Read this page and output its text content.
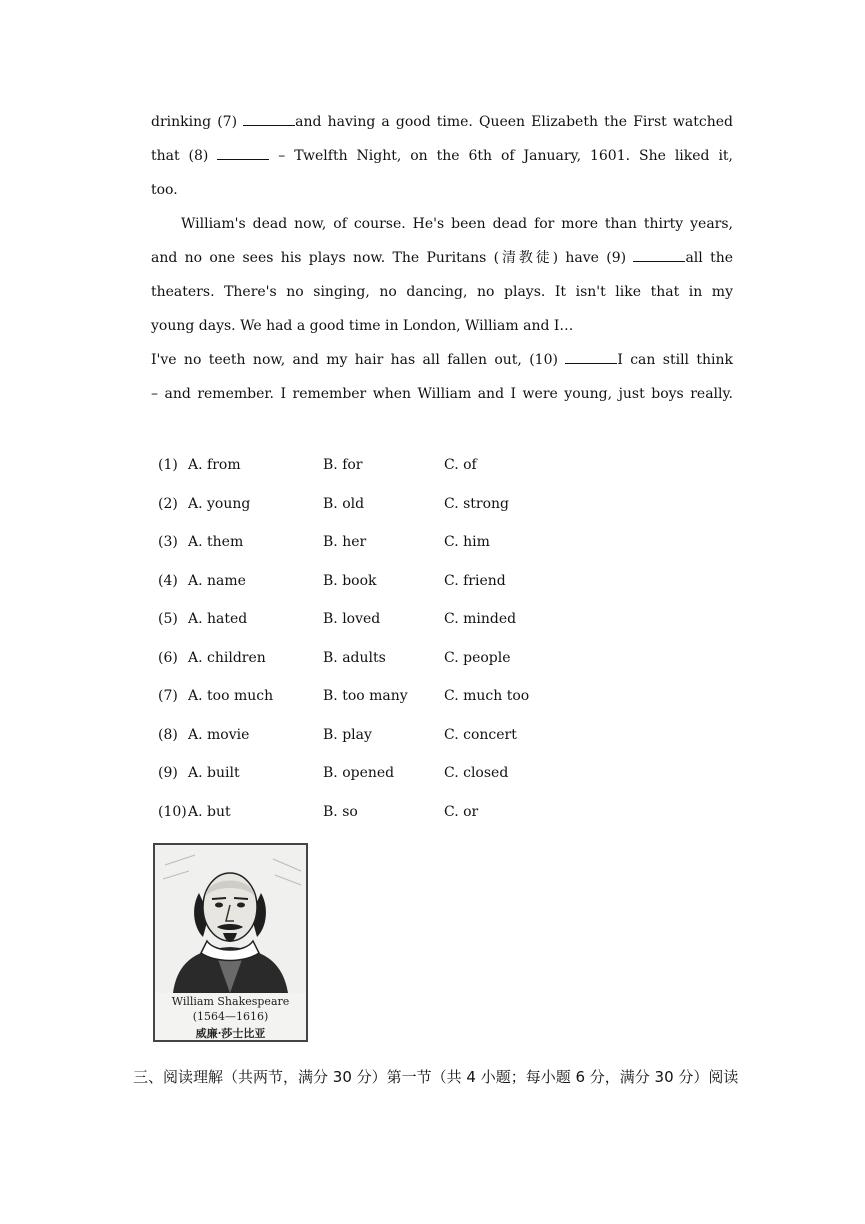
drinking (7)	and having a good time. Queen Elizabeth the First watched
that (8)	– Twelfth Night, on the 6th of January, 1601. She liked it,
too.
William's dead now, of course. He's been dead for more than thirty years,
and no one sees his plays now. The Puritans (清教徒) have (9)	all the
theaters. There's no singing, no dancing, no plays. It isn't like that in my
young days. We had a good time in London, William and I…
I've no teeth now, and my hair has all fallen out, (10)	I can still think
– and remember. I remember when William and I were young, just boys really.
(1) A. from	B. for	C. of
(2) A. young	B. old	C. strong
(3) A. them	B. her	C. him
(4) A. name	B. book	C. friend
(5) A. hated	B. loved	C. minded
(6) A. children	B. adults	C. people
(7) A. too much	B. too many	C. much too
(8) A. movie	B. play	C. concert
(9) A. built	B. opened	C. closed
(10) A. but	B. so	C. or
William Shakespeare
(1564—1616)
威廉·莎士比亚
三、阅读理解（共两节，满分 30 分）第一节（共 4 小题；每小题 6 分，满分 30 分）阅读
